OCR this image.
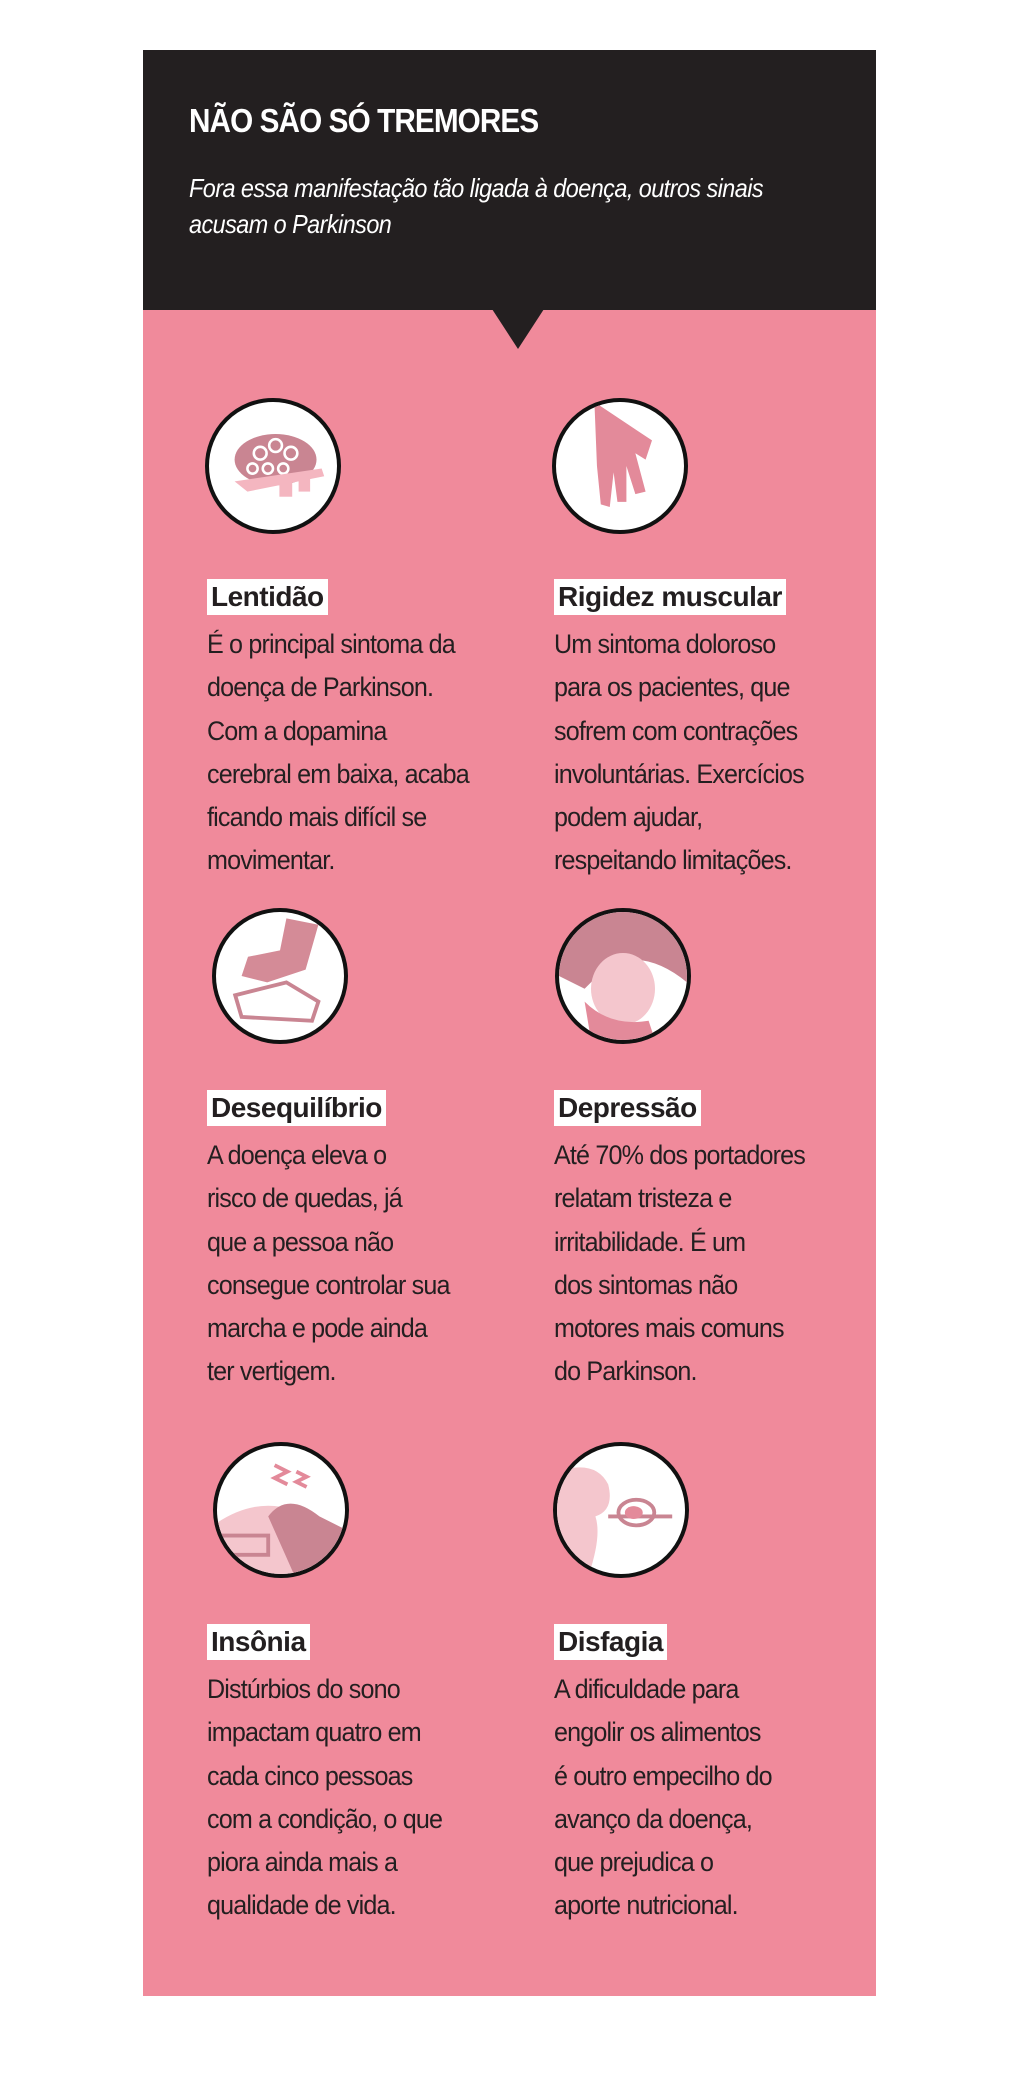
NÃO SÃO SÓ TREMORES
Fora essa manifestação tão ligada à doença, outros sinais acusam o Parkinson
Lentidão
É o principal sintoma da
doença de Parkinson.
Com a dopamina
cerebral em baixa, acaba
ficando mais difícil se
movimentar.
Rigidez muscular
Um sintoma doloroso
para os pacientes, que
sofrem com contrações
involuntárias. Exercícios
podem ajudar,
respeitando limitações.
Desequilíbrio
A doença eleva o
risco de quedas, já
que a pessoa não
consegue controlar sua
marcha e pode ainda
ter vertigem.
Depressão
Até 70% dos portadores
relatam tristeza e
irritabilidade. É um
dos sintomas não
motores mais comuns
do Parkinson.
Insônia
Distúrbios do sono
impactam quatro em
cada cinco pessoas
com a condição, o que
piora ainda mais a
qualidade de vida.
Disfagia
A dificuldade para
engolir os alimentos
é outro empecilho do
avanço da doença,
que prejudica o
aporte nutricional.
